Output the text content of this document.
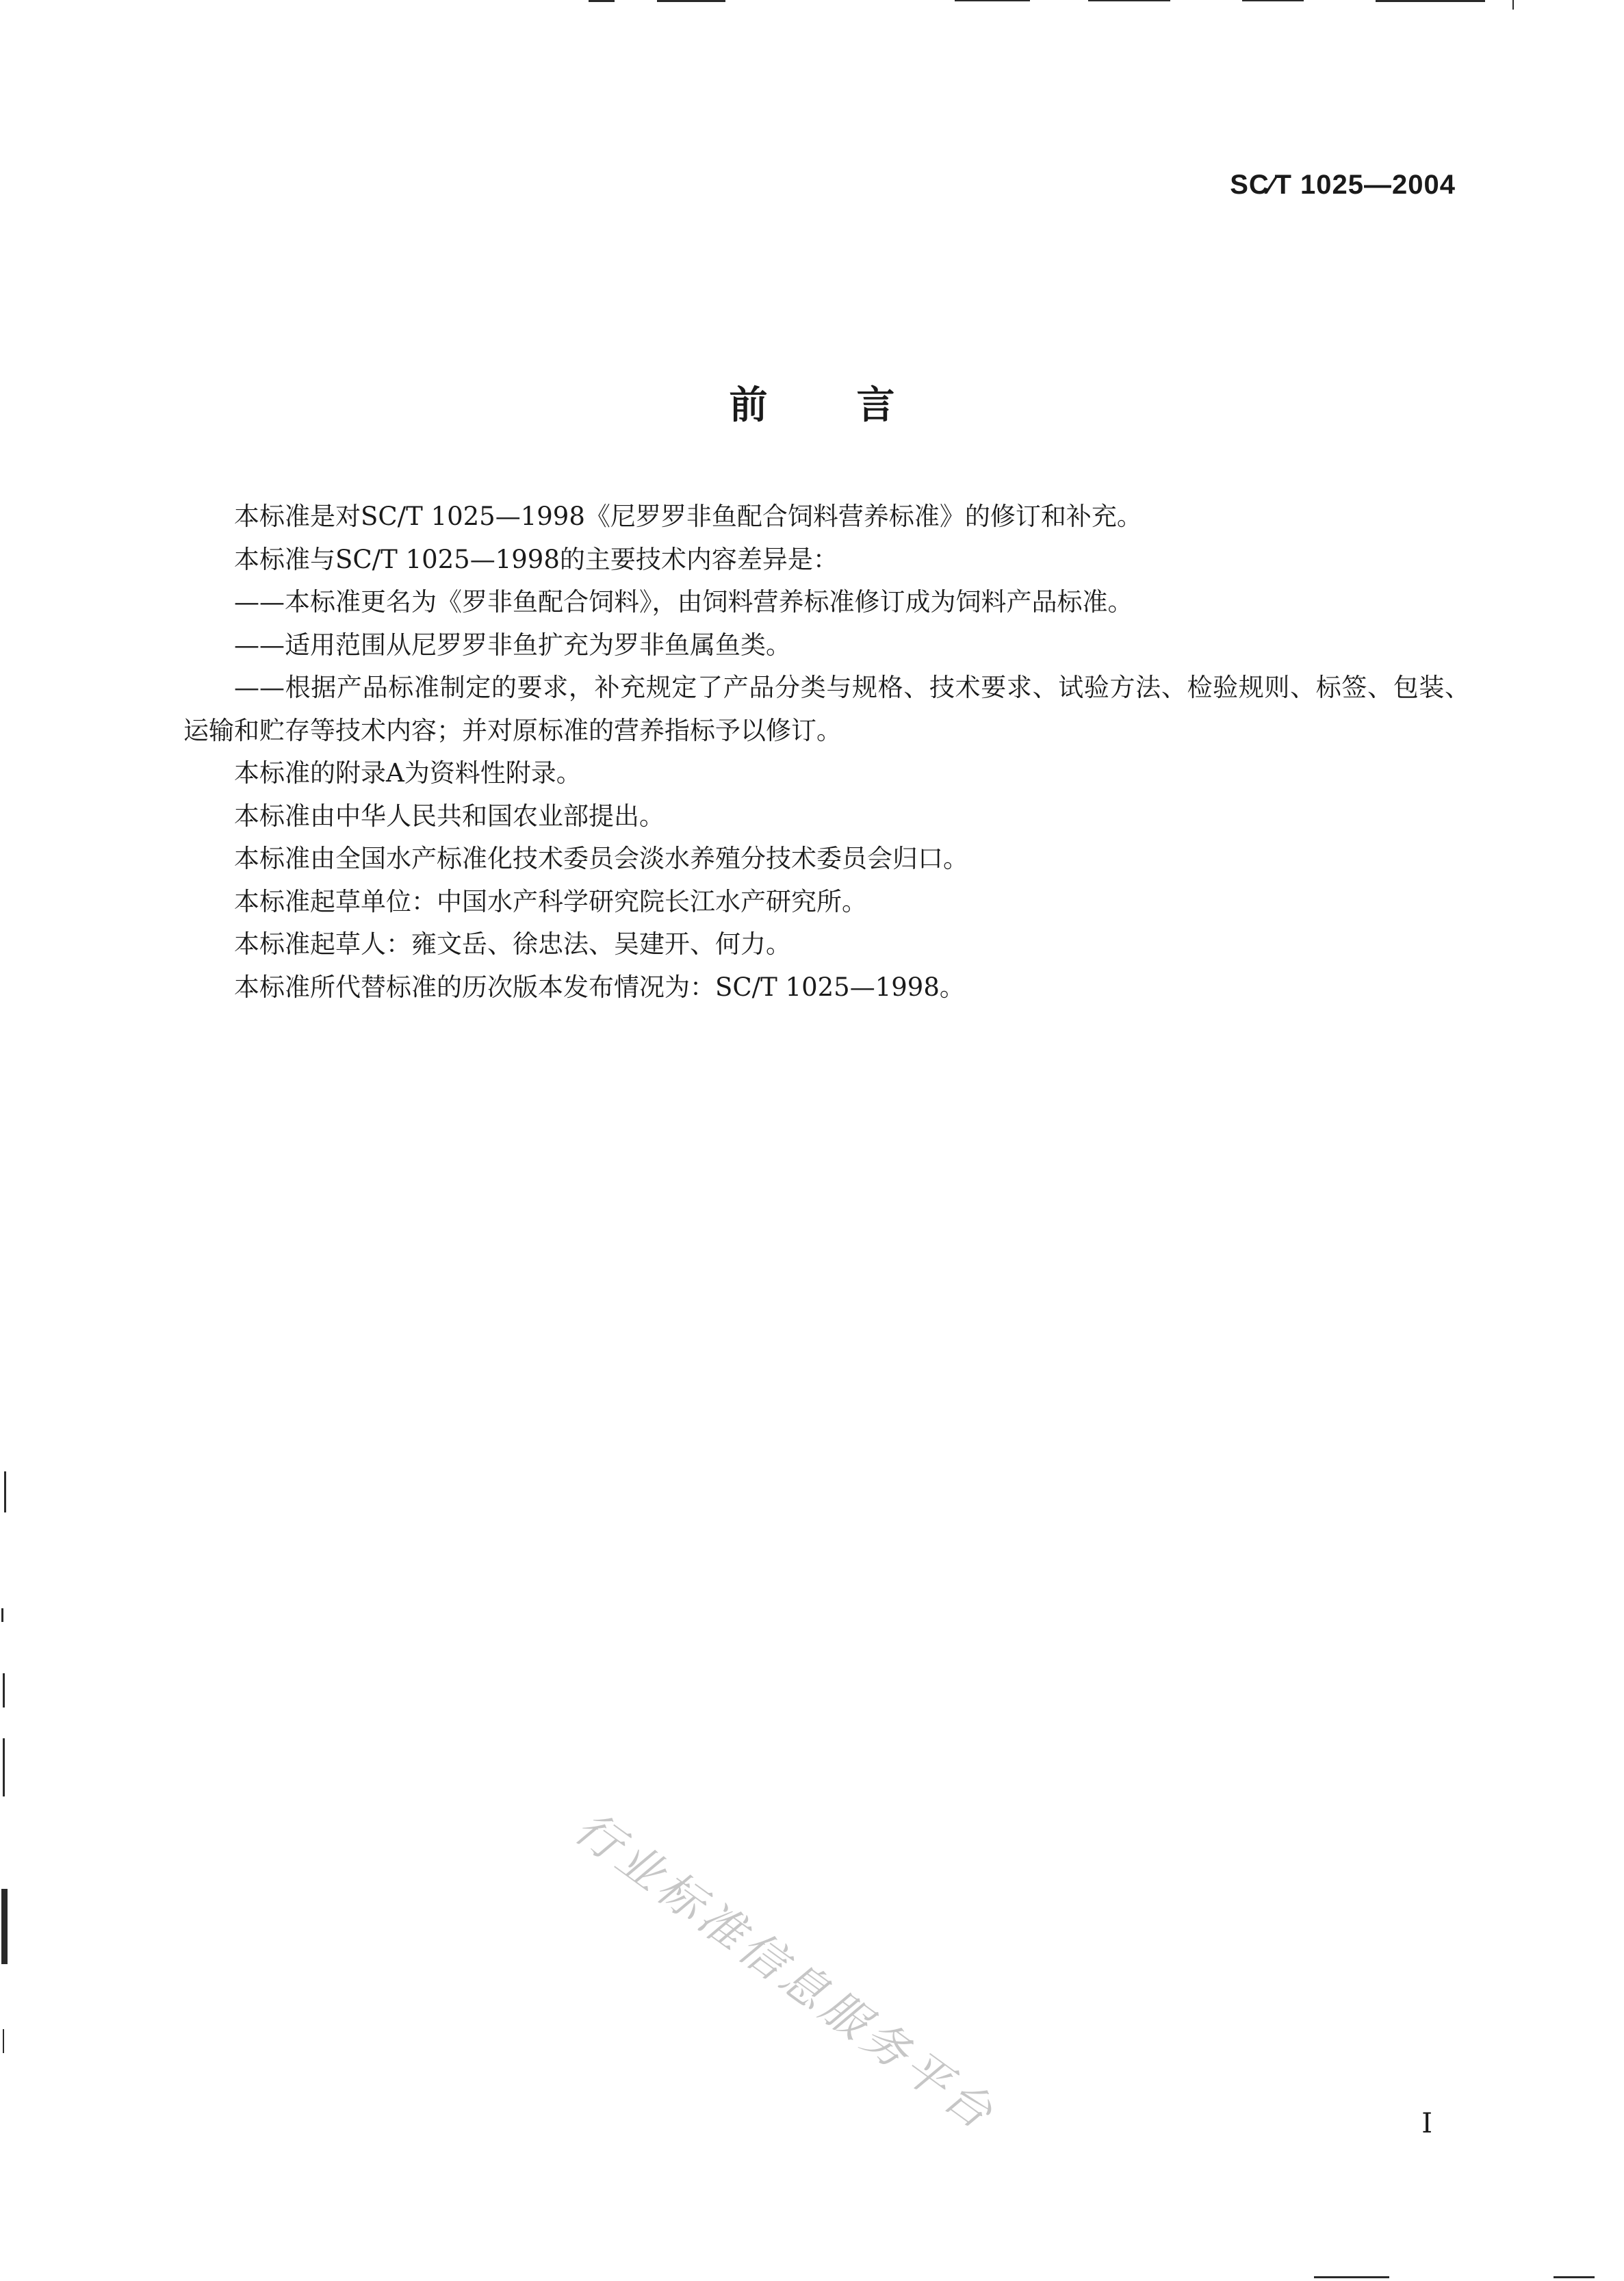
SC∕T 1025—2004
前言

本标准是对SC/T 1025—1998《尼罗罗非鱼配合饲料营养标准》的修订和补充。

本标准与SC/T 1025—1998的主要技术内容差异是：

——本标准更名为《罗非鱼配合饲料》，由饲料营养标准修订成为饲料产品标准。

——适用范围从尼罗罗非鱼扩充为罗非鱼属鱼类。

——根据产品标准制定的要求，补充规定了产品分类与规格、技术要求、试验方法、检验规则、标签、包装、运输和贮存等技术内容；并对原标准的营养指标予以修订。

本标准的附录A为资料性附录。

本标准由中华人民共和国农业部提出。

本标准由全国水产标准化技术委员会淡水养殖分技术委员会归口。

本标准起草单位：中国水产科学研究院长江水产研究所。

本标准起草人：雍文岳、徐忠法、吴建开、何力。

本标准所代替标准的历次版本发布情况为：SC/T 1025—1998。

行业标准信息服务平台	I
